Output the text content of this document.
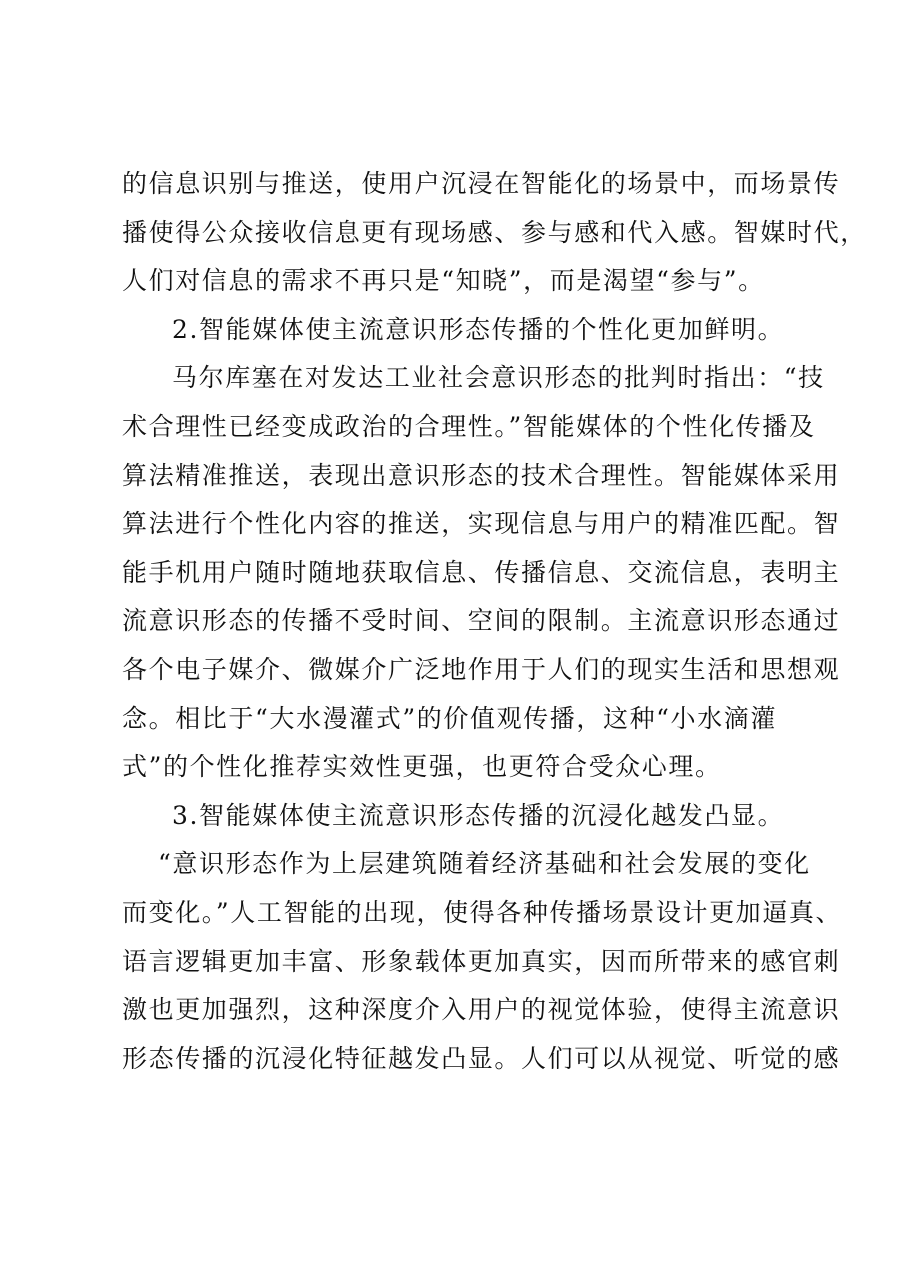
的信息识别与推送，使用户沉浸在智能化的场景中，而场景传
播使得公众接收信息更有现场感、参与感和代入感。智媒时代，
人们对信息的需求不再只是“知晓”，而是渴望“参与”。
2.智能媒体使主流意识形态传播的个性化更加鲜明。
马尔库塞在对发达工业社会意识形态的批判时指出：“技
术合理性已经变成政治的合理性。”智能媒体的个性化传播及
算法精准推送，表现出意识形态的技术合理性。智能媒体采用
算法进行个性化内容的推送，实现信息与用户的精准匹配。智
能手机用户随时随地获取信息、传播信息、交流信息，表明主
流意识形态的传播不受时间、空间的限制。主流意识形态通过
各个电子媒介、微媒介广泛地作用于人们的现实生活和思想观
念。相比于“大水漫灌式”的价值观传播，这种“小水滴灌
式”的个性化推荐实效性更强，也更符合受众心理。
3.智能媒体使主流意识形态传播的沉浸化越发凸显。
“意识形态作为上层建筑随着经济基础和社会发展的变化
而变化。”人工智能的出现，使得各种传播场景设计更加逼真、
语言逻辑更加丰富、形象载体更加真实，因而所带来的感官刺
激也更加强烈，这种深度介入用户的视觉体验，使得主流意识
形态传播的沉浸化特征越发凸显。人们可以从视觉、听觉的感
